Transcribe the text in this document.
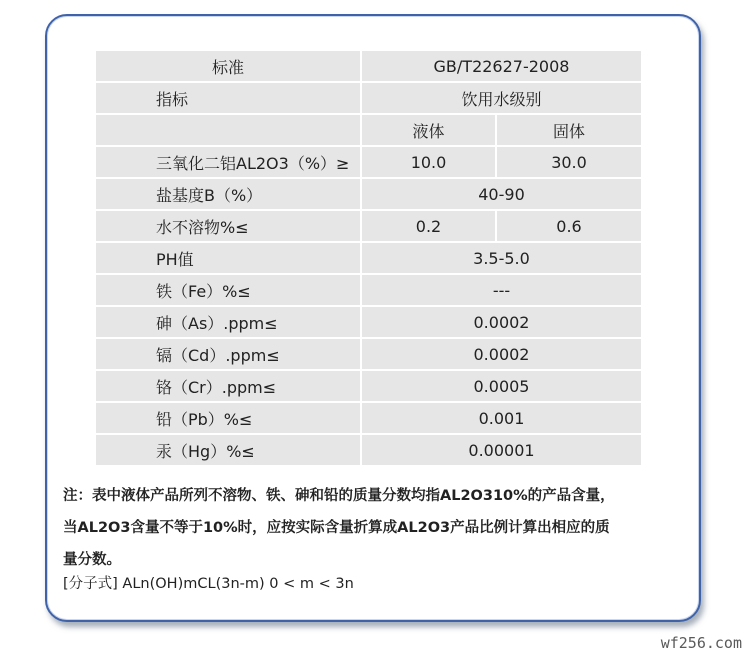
标准	GB/T22627-2008	
指标	饮用水级别	
	液体	固体
三氧化二铝AL2O3（%）≥	10.0	30.0
盐基度B（%）	40-90	
水不溶物%≤	0.2	0.6
PH值	3.5-5.0	
铁（Fe）%≤	---	
砷（As）.ppm≤	0.0002	
镉（Cd）.ppm≤	0.0002	
铬（Cr）.ppm≤	0.0005	
铅（Pb）%≤	0.001	
汞（Hg）%≤	0.00001	
注：表中液体产品所列不溶物、铁、砷和铅的质量分数均指AL2O310%的产品含量，
当AL2O3含量不等于10%时，应按实际含量折算成AL2O3产品比例计算出相应的质
量分数。
[分子式] ALn(OH)mCL(3n-m) 0 < m < 3n
wf256.com
